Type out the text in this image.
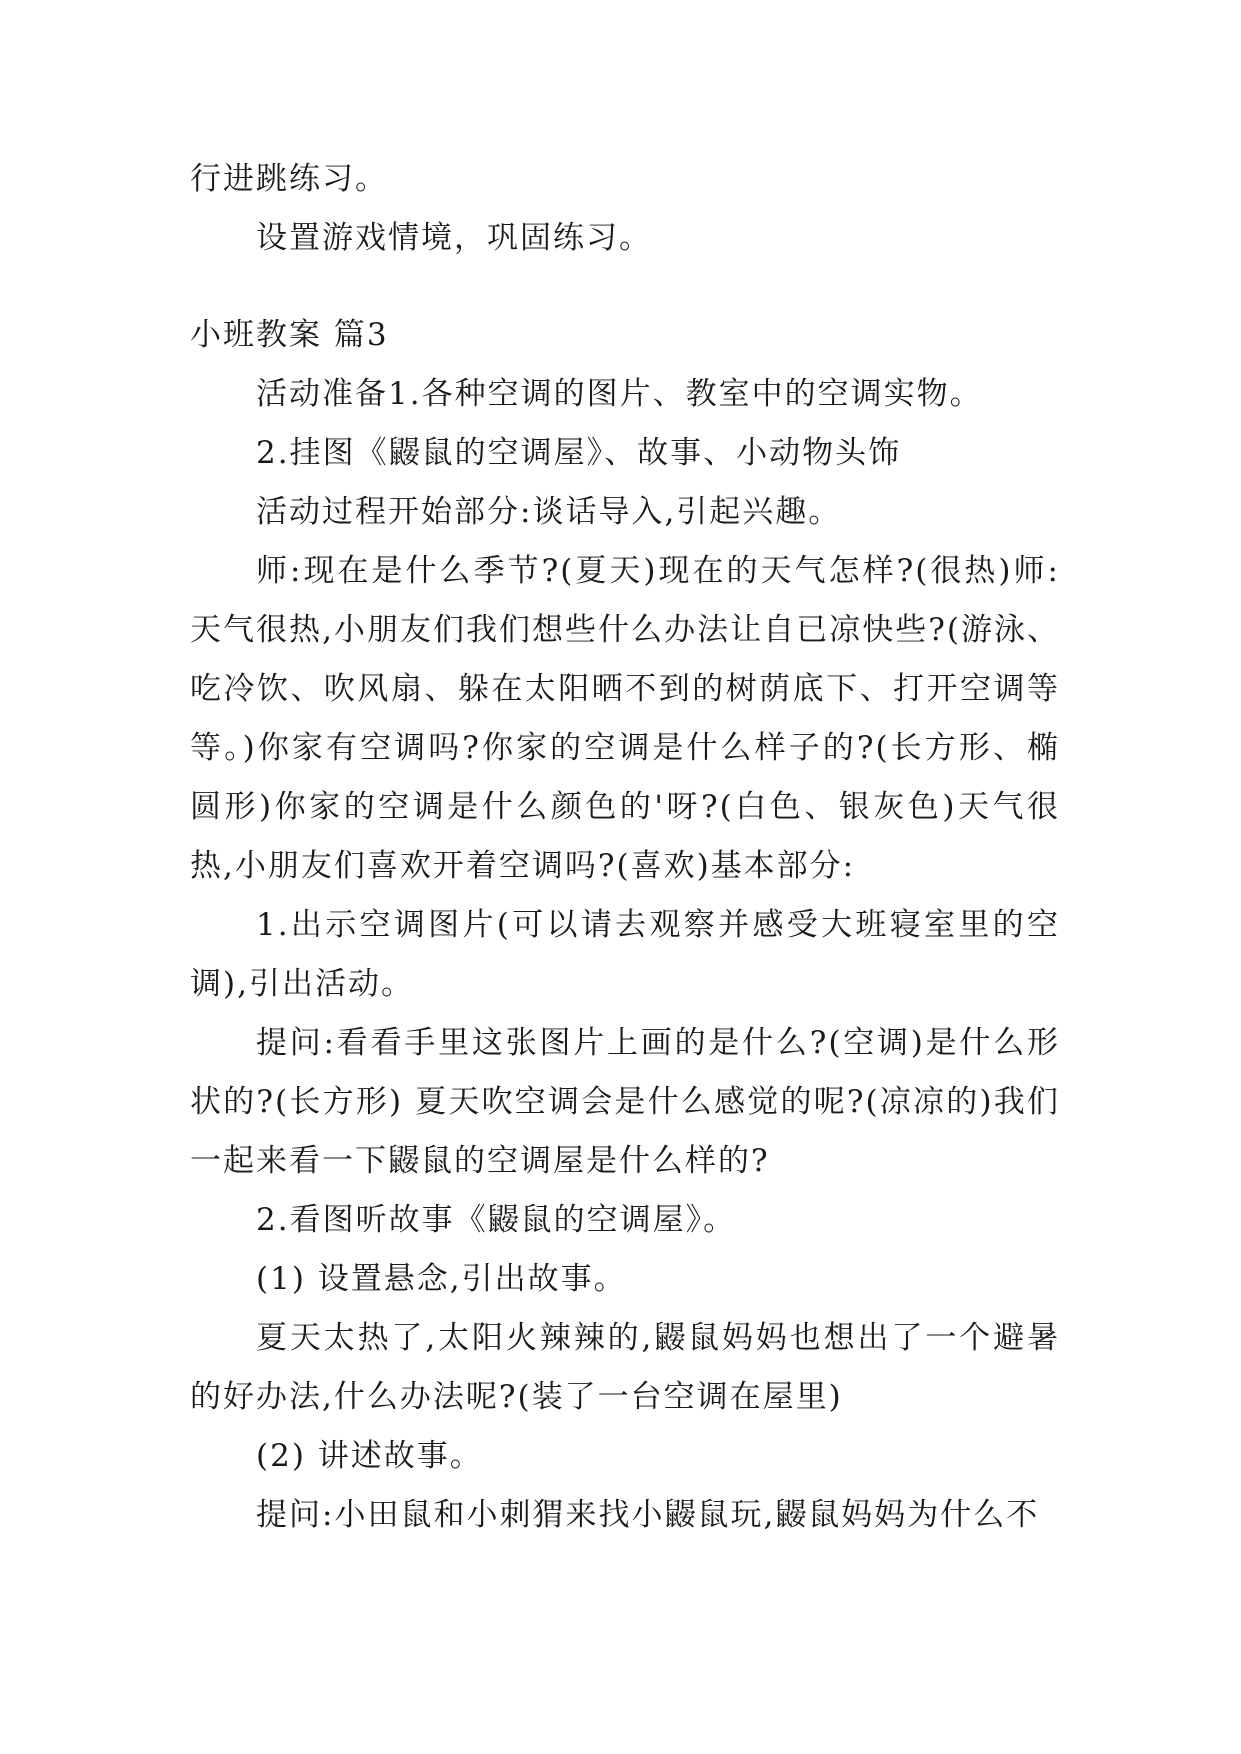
行进跳练习。

设置游戏情境，巩固练习。

小班教案 篇3

活动准备1.各种空调的图片、教室中的空调实物。

2.挂图《鼹鼠的空调屋》、故事、小动物头饰

活动过程开始部分:谈话导入,引起兴趣。

师:现在是什么季节?(夏天)现在的天气怎样?(很热)师:天气很热,小朋友们我们想些什么办法让自已凉快些?(游泳、吃冷饮、吹风扇、躲在太阳晒不到的树荫底下、打开空调等等。)你家有空调吗?你家的空调是什么样子的?(长方形、椭圆形)你家的空调是什么颜色的'呀?(白色、银灰色)天气很热,小朋友们喜欢开着空调吗?(喜欢)基本部分:

1.出示空调图片(可以请去观察并感受大班寝室里的空调),引出活动。

提问:看看手里这张图片上画的是什么?(空调)是什么形状的?(长方形) 夏天吹空调会是什么感觉的呢?(凉凉的)我们一起来看一下鼹鼠的空调屋是什么样的?

2.看图听故事《鼹鼠的空调屋》。

(1) 设置悬念,引出故事。

夏天太热了,太阳火辣辣的,鼹鼠妈妈也想出了一个避暑的好办法,什么办法呢?(装了一台空调在屋里)

(2) 讲述故事。

提问:小田鼠和小刺猬来找小鼹鼠玩,鼹鼠妈妈为什么不
